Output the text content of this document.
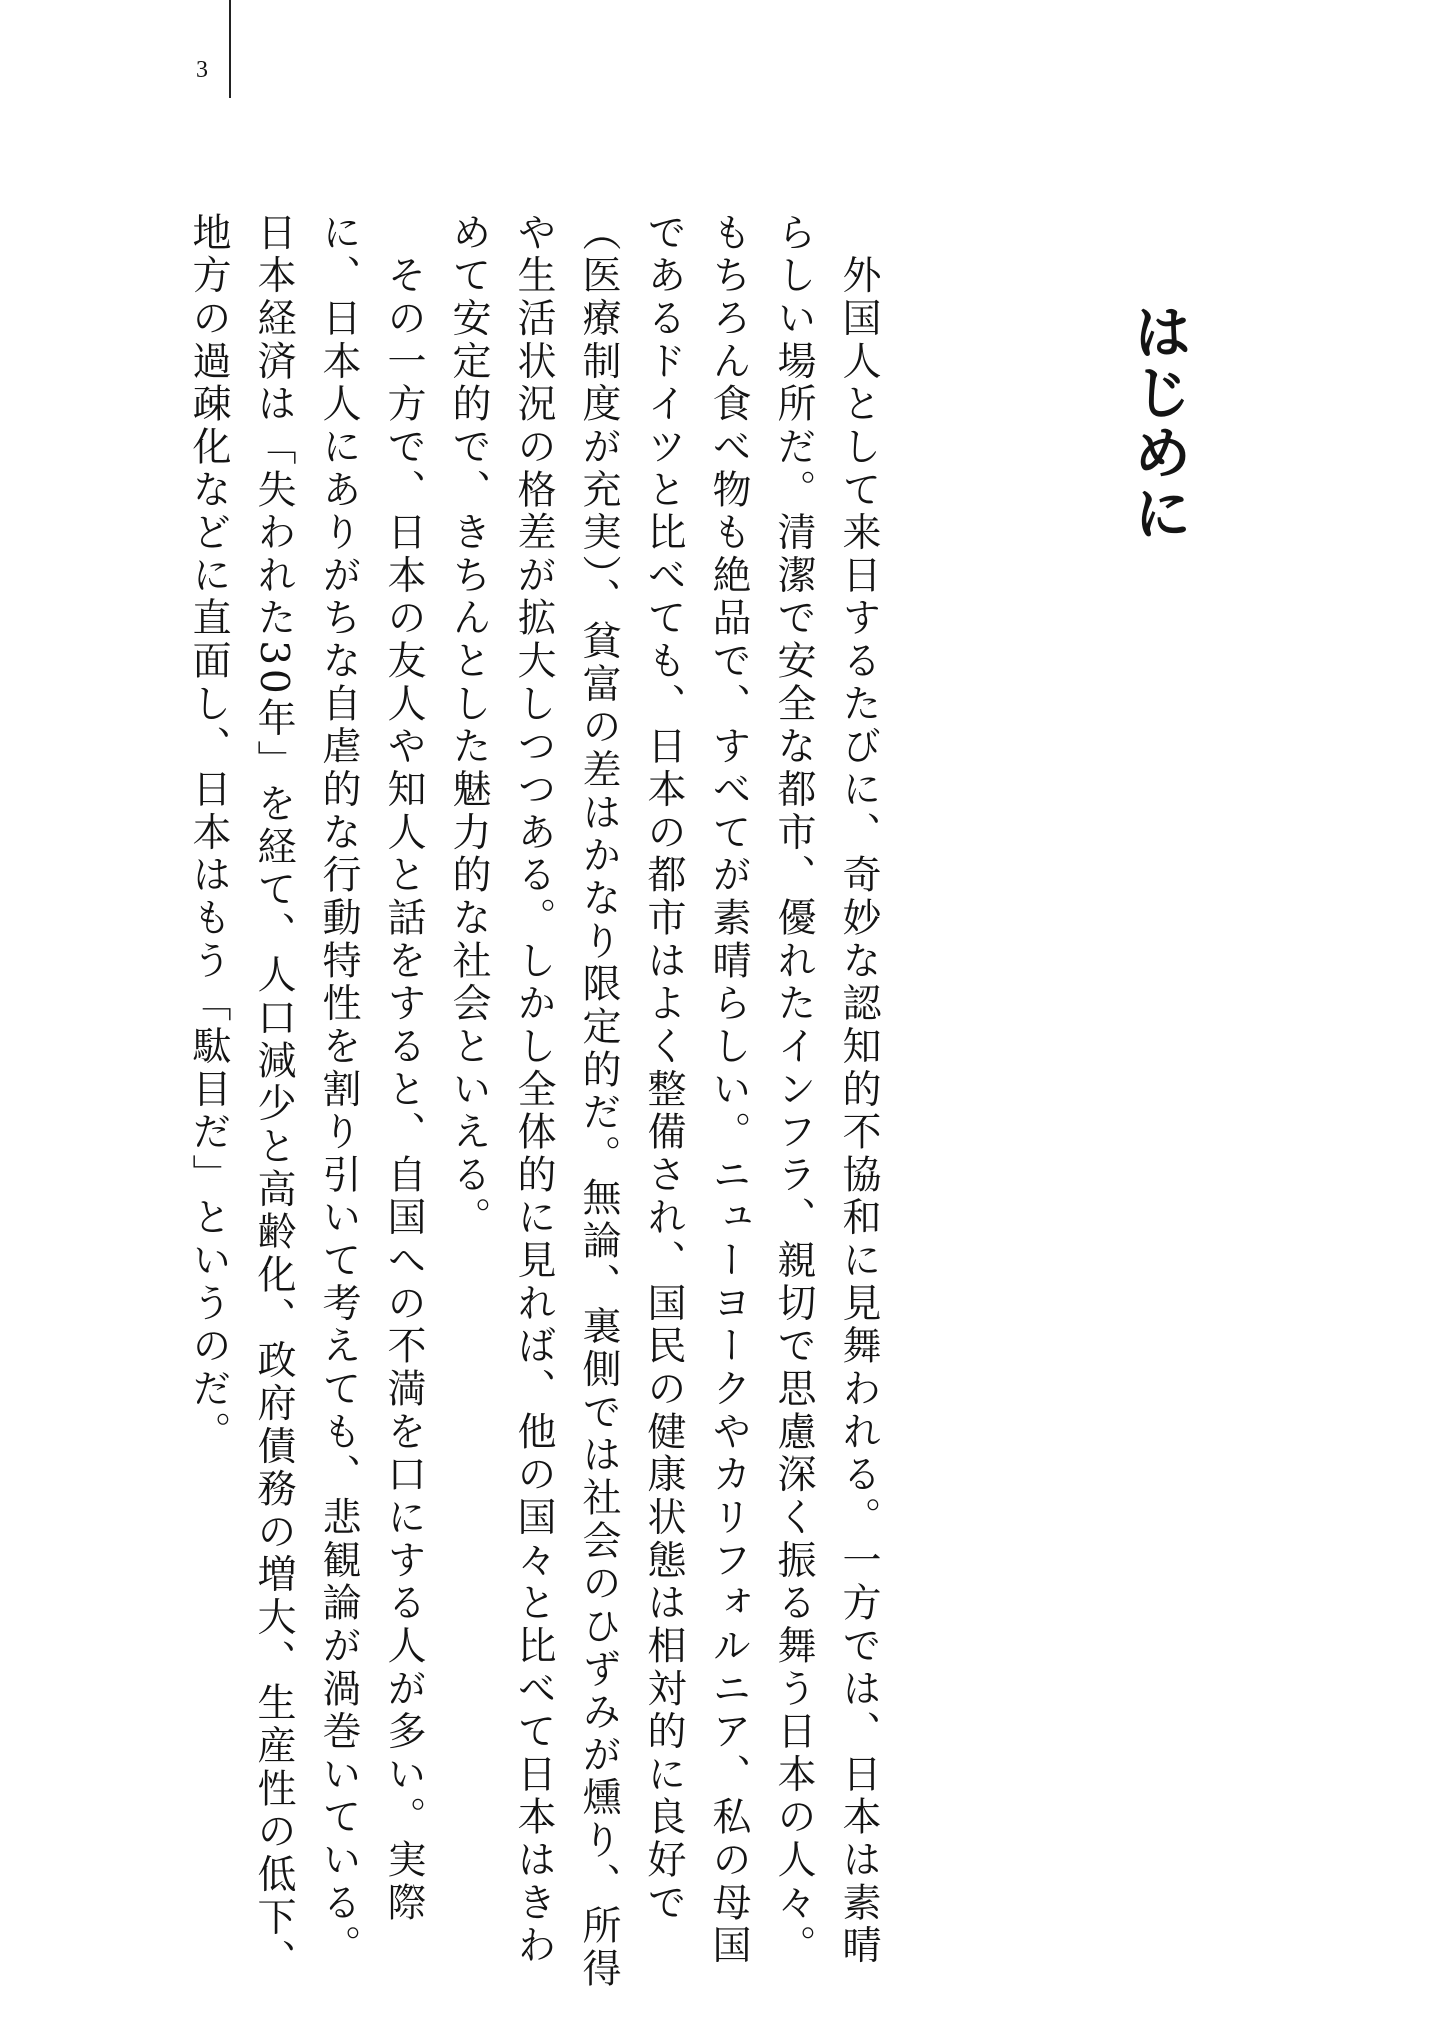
3
はじめに
　外国人として来日するたびに、奇妙な認知的不協和に見舞われる。一方では、日本は素晴
らしい場所だ。清潔で安全な都市、優れたインフラ、親切で思慮深く振る舞う日本の人々。
もちろん食べ物も絶品で、すべてが素晴らしい。ニューヨークやカリフォルニア、私の母国
であるドイツと比べても、日本の都市はよく整備され、国民の健康状態は相対的に良好で
（医療制度が充実）、貧富の差はかなり限定的だ。無論、裏側では社会のひずみが燻り、所得
や生活状況の格差が拡大しつつある。しかし全体的に見れば、他の国々と比べて日本はきわ
めて安定的で、きちんとした魅力的な社会といえる。
　その一方で、日本の友人や知人と話をすると、自国への不満を口にする人が多い。実際
に、日本人にありがちな自虐的な行動特性を割り引いて考えても、悲観論が渦巻いている。
日本経済は「失われた30年」を経て、人口減少と高齢化、政府債務の増大、生産性の低下、
地方の過疎化などに直面し、日本はもう「駄目だ」というのだ。
